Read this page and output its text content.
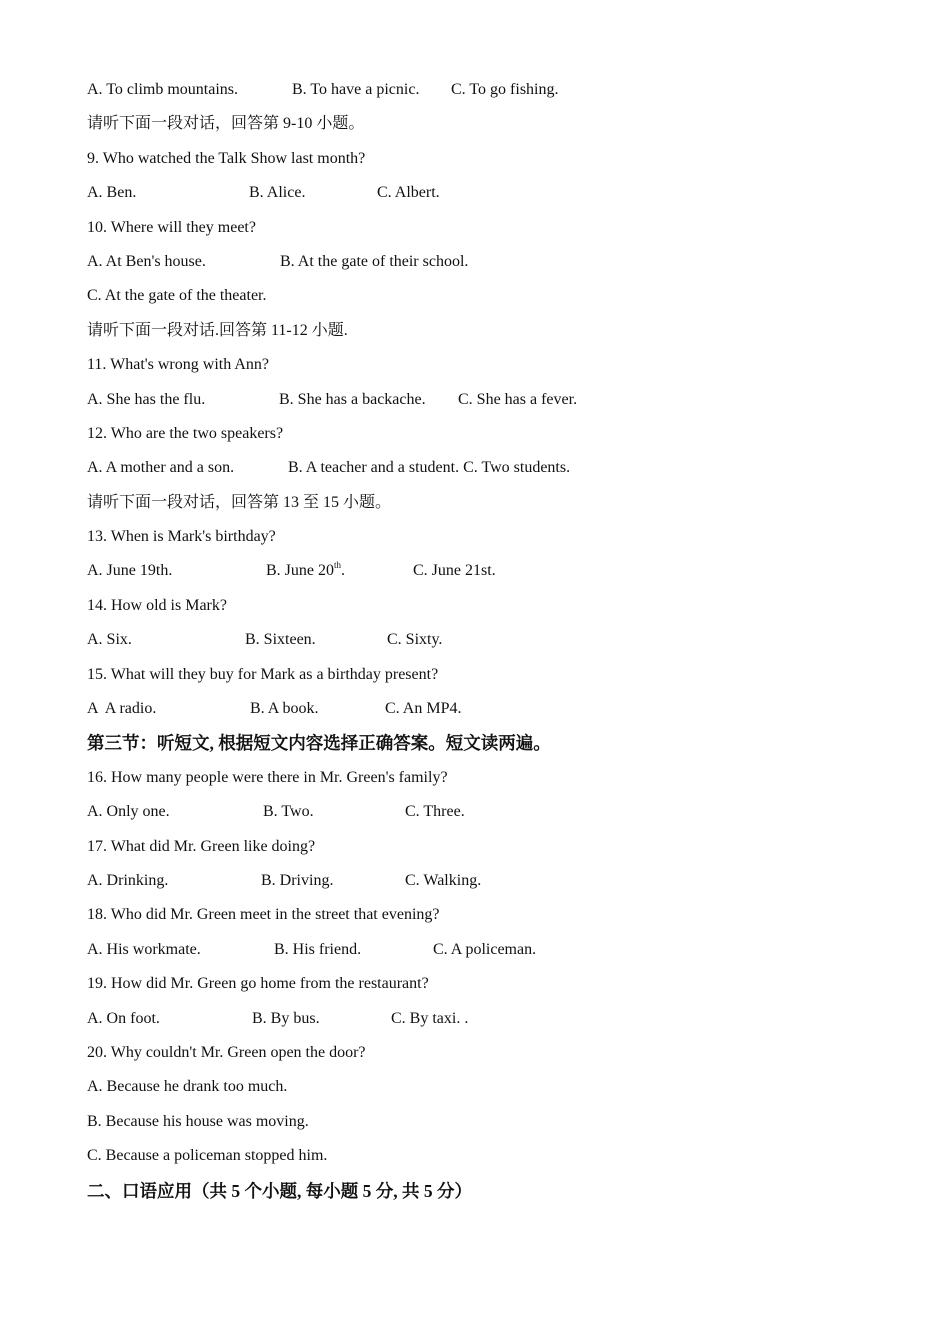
A. To climb mountains.	B. To have a picnic. C. To go fishing.
请听下面一段对话，回答第 9-10 小题。
9. Who watched the Talk Show last month?
A. Ben.	B. Alice.	C. Albert.
10. Where will they meet?
A. At Ben's house.	B. At the gate of their school.
C. At the gate of the theater.
请听下面一段对话.回答第 11-12 小题.
11. What's wrong with Ann?
A. She has the flu.	B. She has a backache. C. She has a fever.
12. Who are the two speakers?
A. A mother and a son.	B. A teacher and a student. C. Two students.
请听下面一段对话，回答第 13 至 15 小题。
13. When is Mark's birthday?
A. June 19th.	B. June 20th.	C. June 21st.
14. How old is Mark?
A. Six.	B. Sixteen.	C. Sixty.
15. What will they buy for Mark as a birthday present?
A  A radio.	B. A book.	C. An MP4.
第三节：听短文, 根据短文内容选择正确答案。短文读两遍。
16. How many people were there in Mr. Green's family?
A. Only one.	B. Two.	C. Three.
17. What did Mr. Green like doing?
A. Drinking.	B. Driving.	C. Walking.
18. Who did Mr. Green meet in the street that evening?
A. His workmate.	B. His friend.	C. A policeman.
19. How did Mr. Green go home from the restaurant?
A. On foot.	B. By bus.	C. By taxi. .
20. Why couldn't Mr. Green open the door?
A. Because he drank too much.
B. Because his house was moving.
C. Because a policeman stopped him.
二、口语应用（共 5 个小题, 每小题 5 分, 共 5 分）
